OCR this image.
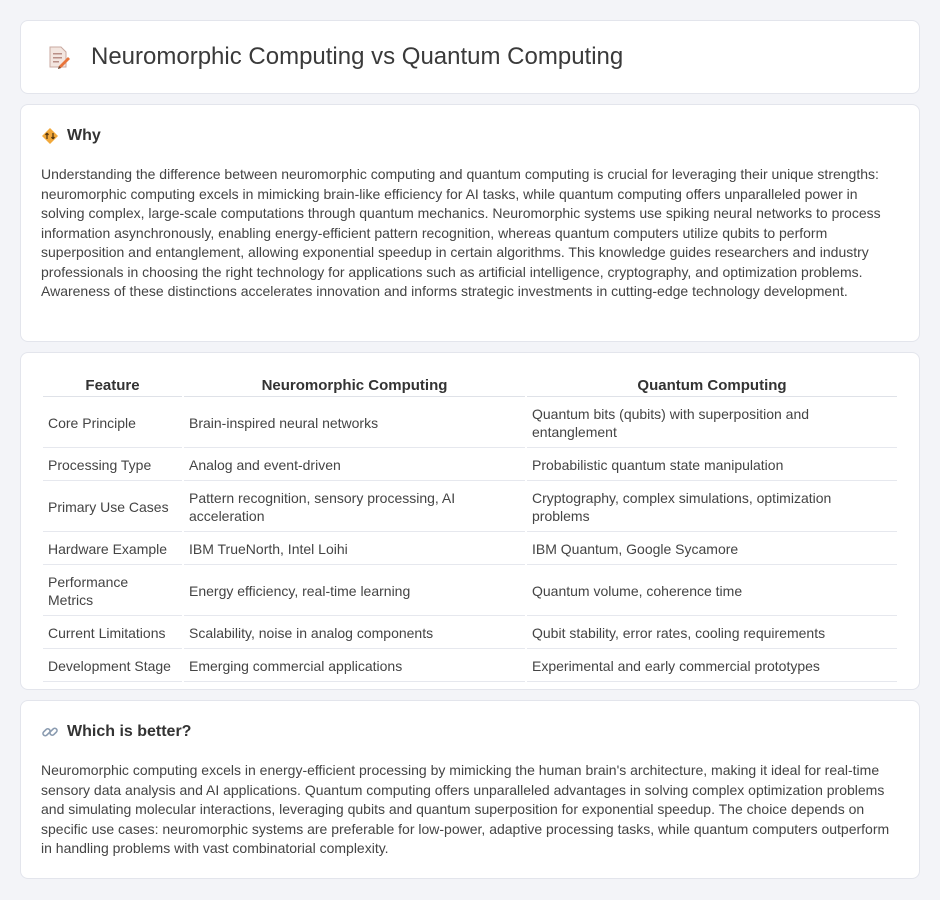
Neuromorphic Computing vs Quantum Computing
Why

Understanding the difference between neuromorphic computing and quantum computing is crucial for leveraging their unique strengths: neuromorphic computing excels in mimicking brain-like efficiency for AI tasks, while quantum computing offers unparalleled power in solving complex, large-scale computations through quantum mechanics. Neuromorphic systems use spiking neural networks to process information asynchronously, enabling energy-efficient pattern recognition, whereas quantum computers utilize qubits to perform superposition and entanglement, allowing exponential speedup in certain algorithms. This knowledge guides researchers and industry professionals in choosing the right technology for applications such as artificial intelligence, cryptography, and optimization problems. Awareness of these distinctions accelerates innovation and informs strategic investments in cutting-edge technology development.

Feature	Neuromorphic Computing	Quantum Computing
Core Principle	Brain-inspired neural networks	Quantum bits (qubits) with superposition and entanglement
Processing Type	Analog and event-driven	Probabilistic quantum state manipulation
Primary Use Cases	Pattern recognition, sensory processing, AI acceleration	Cryptography, complex simulations, optimization problems
Hardware Example	IBM TrueNorth, Intel Loihi	IBM Quantum, Google Sycamore
Performance Metrics	Energy efficiency, real-time learning	Quantum volume, coherence time
Current Limitations	Scalability, noise in analog components	Qubit stability, error rates, cooling requirements
Development Stage	Emerging commercial applications	Experimental and early commercial prototypes
Which is better?

Neuromorphic computing excels in energy-efficient processing by mimicking the human brain's architecture, making it ideal for real-time sensory data analysis and AI applications. Quantum computing offers unparalleled advantages in solving complex optimization problems and simulating molecular interactions, leveraging qubits and quantum superposition for exponential speedup. The choice depends on specific use cases: neuromorphic systems are preferable for low-power, adaptive processing tasks, while quantum computers outperform in handling problems with vast combinatorial complexity.
